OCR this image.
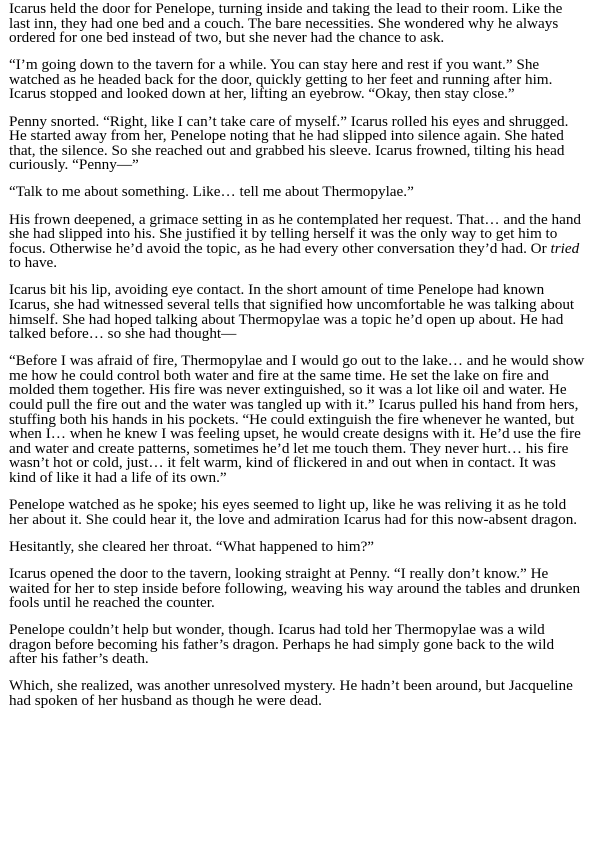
Icarus held the door for Penelope, turning inside and taking the lead to their room. Like the last inn, they had one bed and a couch. The bare necessities. She wondered why he always ordered for one bed instead of two, but she never had the chance to ask.

“I’m going down to the tavern for a while. You can stay here and rest if you want.” She watched as he headed back for the door, quickly getting to her feet and running after him. Icarus stopped and looked down at her, lifting an eyebrow. “Okay, then stay close.”

Penny snorted. “Right, like I can’t take care of myself.” Icarus rolled his eyes and shrugged.

He started away from her, Penelope noting that he had slipped into silence again. She hated that, the silence. So she reached out and grabbed his sleeve. Icarus frowned, tilting his head curiously. “Penny—”

“Talk to me about something. Like… tell me about Thermopylae.”

His frown deepened, a grimace setting in as he contemplated her request. That… and the hand she had slipped into his. She justified it by telling herself it was the only way to get him to focus. Otherwise he’d avoid the topic, as he had every other conversation they’d had. Or tried to have.

Icarus bit his lip, avoiding eye contact. In the short amount of time Penelope had known Icarus, she had witnessed several tells that signified how uncomfortable he was talking about himself. She had hoped talking about Thermopylae was a topic he’d open up about. He had talked before… so she had thought—

“Before I was afraid of fire, Thermopylae and I would go out to the lake… and he would show me how he could control both water and fire at the same time. He set the lake on fire and molded them together. His fire was never extinguished, so it was a lot like oil and water. He could pull the fire out and the water was tangled up with it.” Icarus pulled his hand from hers, stuffing both his hands in his pockets. “He could extinguish the fire whenever he wanted, but when I… when he knew I was feeling upset, he would create designs with it. He’d use the fire and water and create patterns, sometimes he’d let me touch them. They never hurt… his fire wasn’t hot or cold, just… it felt warm, kind of flickered in and out when in contact. It was kind of like it had a life of its own.”

Penelope watched as he spoke; his eyes seemed to light up, like he was reliving it as he told her about it. She could hear it, the love and admiration Icarus had for this now-absent dragon.

Hesitantly, she cleared her throat. “What happened to him?”

Icarus opened the door to the tavern, looking straight at Penny. “I really don’t know.” He waited for her to step inside before following, weaving his way around the tables and drunken fools until he reached the counter.

Penelope couldn’t help but wonder, though. Icarus had told her Thermopylae was a wild dragon before becoming his father’s dragon. Perhaps he had simply gone back to the wild after his father’s death.

Which, she realized, was another unresolved mystery. He hadn’t been around, but Jacqueline had spoken of her husband as though he were dead.
